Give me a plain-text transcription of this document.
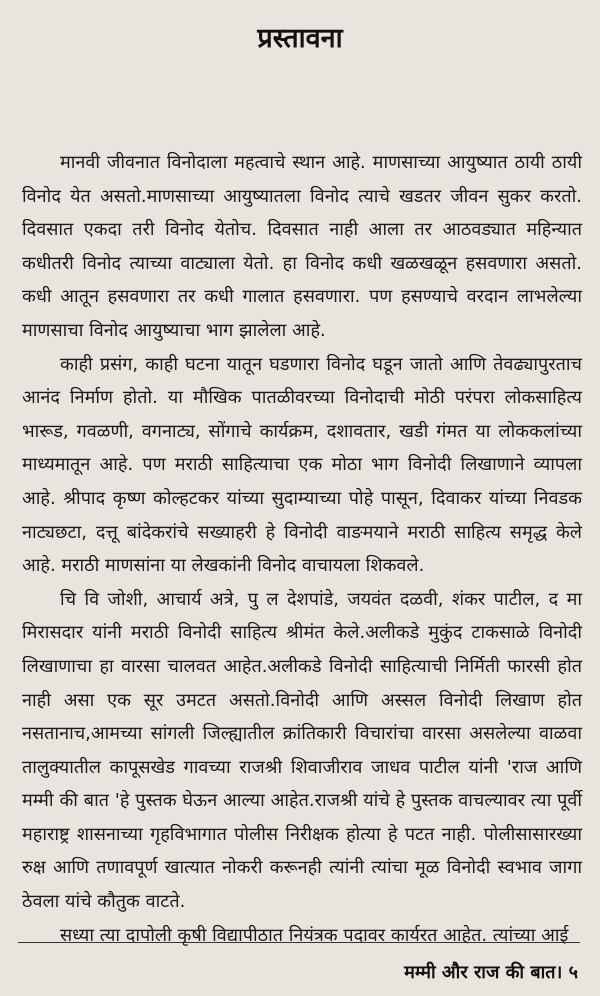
प्रस्तावना

मानवी जीवनात विनोदाला महत्वाचे स्थान आहे. माणसाच्या आयुष्यात ठायी ठायी विनोद येत असतो.माणसाच्या आयुष्यातला विनोद त्याचे खडतर जीवन सुकर करतो. दिवसात एकदा तरी विनोद येतोच. दिवसात नाही आला तर आठवड्यात महिन्यात कधीतरी विनोद त्याच्या वाट्याला येतो. हा विनोद कधी खळखळून हसवणारा असतो. कधी आतून हसवणारा तर कधी गालात हसवणारा. पण हसण्याचे वरदान लाभलेल्या माणसाचा विनोद आयुष्याचा भाग झालेला आहे.

काही प्रसंग, काही घटना यातून घडणारा विनोद घडून जातो आणि तेवढ्यापुरताच आनंद निर्माण होतो. या मौखिक पातळीवरच्या विनोदाची मोठी परंपरा लोकसाहित्य भारूड, गवळणी, वगनाट्य, सोंगाचे कार्यक्रम, दशावतार, खडी गंमत या लोककलांच्या माध्यमातून आहे. पण मराठी साहित्याचा एक मोठा भाग विनोदी लिखाणाने व्यापला आहे. श्रीपाद कृष्ण कोल्हटकर यांच्या सुदाम्याच्या पोहे पासून, दिवाकर यांच्या निवडक नाट्यछटा, दत्तू बांदेकरांचे सख्याहरी हे विनोदी वाङमयाने मराठी साहित्य समृद्ध केले आहे. मराठी माणसांना या लेखकांनी विनोद वाचायला शिकवले.

चि वि जोशी, आचार्य अत्रे, पु ल देशपांडे, जयवंत दळवी, शंकर पाटील, द मा मिरासदार यांनी मराठी विनोदी साहित्य श्रीमंत केले.अलीकडे मुकुंद टाकसाळे विनोदी लिखाणाचा हा वारसा चालवत आहेत.अलीकडे विनोदी साहित्याची निर्मिती फारसी होत नाही असा एक सूर उमटत असतो.विनोदी आणि अस्सल विनोदी लिखाण होत नसतानाच,आमच्या सांगली जिल्ह्यातील क्रांतिकारी विचारांचा वारसा असलेल्या वाळवा तालुक्यातील कापूसखेड गावच्या राजश्री शिवाजीराव जाधव पाटील यांनी 'राज आणि मम्मी की बात 'हे पुस्तक घेऊन आल्या आहेत.राजश्री यांचे हे पुस्तक वाचल्यावर त्या पूर्वी महाराष्ट्र शासनाच्या गृहविभागात पोलीस निरीक्षक होत्या हे पटत नाही. पोलीसासारख्या रुक्ष आणि तणावपूर्ण खात्यात नोकरी करूनही त्यांनी त्यांचा मूळ विनोदी स्वभाव जागा ठेवला यांचे कौतुक वाटते.

सध्या त्या दापोली कृषी विद्यापीठात नियंत्रक पदावर कार्यरत आहेत. त्यांच्या आई

मम्मी और राज की बात। ५
